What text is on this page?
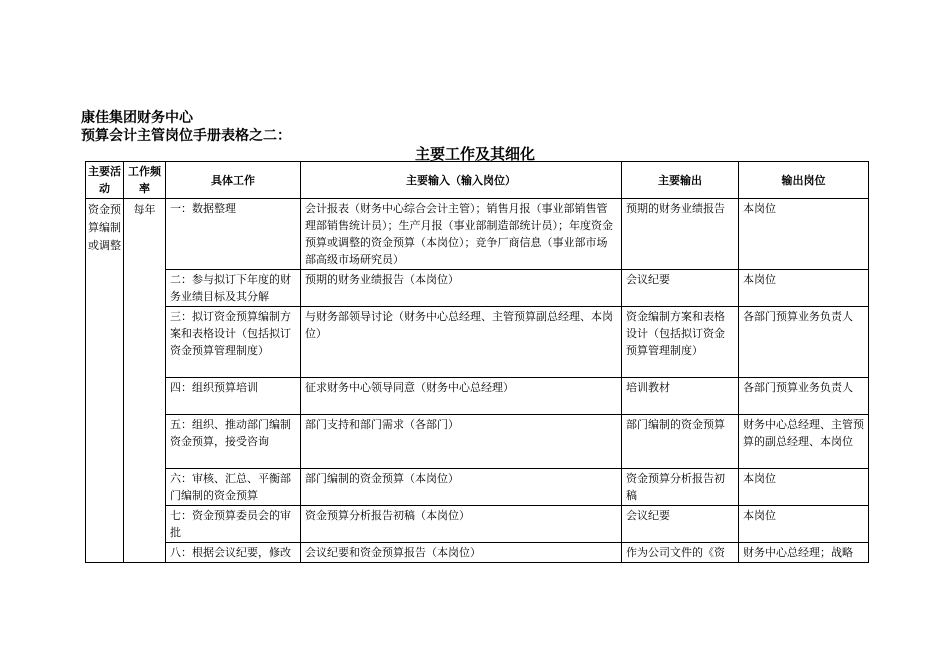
康佳集团财务中心
预算会计主管岗位手册表格之二：
主要工作及其细化
主要活动	工作频率	具体工作	主要输入（输入岗位）	主要输出	输出岗位
资金预算编制或调整	每年	一：数据整理	会计报表（财务中心综合会计主管）；销售月报（事业部销售管理部销售统计员）；生产月报（事业部制造部统计员）；年度资金预算或调整的资金预算（本岗位）；竞争厂商信息（事业部市场部高级市场研究员）	预期的财务业绩报告	本岗位
		二：参与拟订下年度的财务业绩目标及其分解	预期的财务业绩报告（本岗位）	会议纪要	本岗位
		三：拟订资金预算编制方案和表格设计（包括拟订资金预算管理制度）	与财务部领导讨论（财务中心总经理、主管预算副总经理、本岗位）	资金编制方案和表格设计（包括拟订资金预算管理制度）	各部门预算业务负责人
		四：组织预算培训	征求财务中心领导同意（财务中心总经理）	培训教材	各部门预算业务负责人
		五：组织、推动部门编制资金预算，接受咨询	部门支持和部门需求（各部门）	部门编制的资金预算	财务中心总经理、主管预算的副总经理、本岗位
		六：审核、汇总、平衡部门编制的资金预算	部门编制的资金预算（本岗位）	资金预算分析报告初稿	本岗位
		七：资金预算委员会的审批	资金预算分析报告初稿（本岗位）	会议纪要	本岗位
		八：根据会议纪要，修改	会议纪要和资金预算报告（本岗位）	作为公司文件的《资	财务中心总经理；战略
